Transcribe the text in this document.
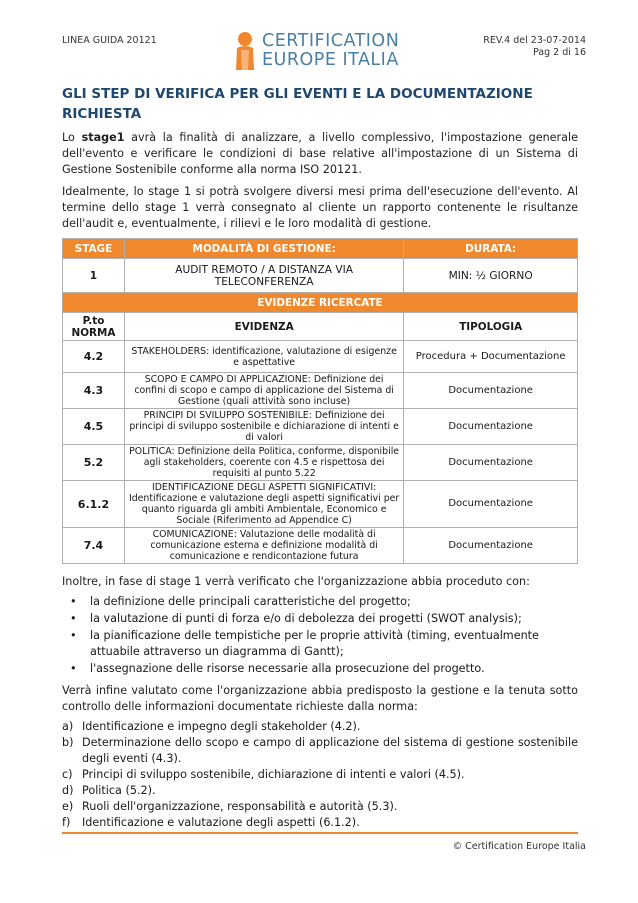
LINEA GUIDA 20121	CERTIFICATION
EUROPE ITALIA
REV.4 del 23-07-2014
Pag 2 di 16
GLI STEP DI VERIFICA PER GLI EVENTI E LA DOCUMENTAZIONE RICHIESTA

Lo stage1 avrà la finalità di analizzare, a livello complessivo, l'impostazione generale dell'evento e verificare le condizioni di base relative all'impostazione di un Sistema di Gestione Sostenibile conforme alla norma ISO 20121.

Idealmente, lo stage 1 si potrà svolgere diversi mesi prima dell'esecuzione dell'evento. Al termine dello stage 1 verrà consegnato al cliente un rapporto contenente le risultanze dell'audit e, eventualmente, i rilievi e le loro modalità di gestione.

STAGE	MODALITÀ DI GESTIONE:	DURATA:
1	AUDIT REMOTO / A DISTANZA VIA TELECONFERENZA	MIN: ½ GIORNO
EVIDENZE RICERCATE		
P.to NORMA	EVIDENZA	TIPOLOGIA
4.2	STAKEHOLDERS: identificazione, valutazione di esigenze e aspettative	Procedura + Documentazione
4.3	SCOPO E CAMPO DI APPLICAZIONE: Definizione dei confini di scopo e campo di applicazione del Sistema di Gestione (quali attività sono incluse)	Documentazione
4.5	PRINCIPI DI SVILUPPO SOSTENIBILE: Definizione dei principi di sviluppo sostenibile e dichiarazione di intenti e di valori	Documentazione
5.2	POLITICA: Definizione della Politica, conforme, disponibile agli stakeholders, coerente con 4.5 e rispettosa dei requisiti al punto 5.22	Documentazione
6.1.2	IDENTIFICAZIONE DEGLI ASPETTI SIGNIFICATIVI: Identificazione e valutazione degli aspetti significativi per quanto riguarda gli ambiti Ambientale, Economico e Sociale (Riferimento ad Appendice C)	Documentazione
7.4	COMUNICAZIONE: Valutazione delle modalità di comunicazione esterna e definizione modalità di comunicazione e rendicontazione futura	Documentazione

Inoltre, in fase di stage 1 verrà verificato che l'organizzazione abbia proceduto con:

• la definizione delle principali caratteristiche del progetto;
• la valutazione di punti di forza e/o di debolezza dei progetti (SWOT analysis);
• la pianificazione delle tempistiche per le proprie attività (timing, eventualmente attuabile attraverso un diagramma di Gantt);
• l'assegnazione delle risorse necessarie alla prosecuzione del progetto.

Verrà infine valutato come l'organizzazione abbia predisposto la gestione e la tenuta sotto controllo delle informazioni documentate richieste dalla norma:

a) Identificazione e impegno degli stakeholder (4.2).
b) Determinazione dello scopo e campo di applicazione del sistema di gestione sostenibile degli eventi (4.3).
c) Principi di sviluppo sostenibile, dichiarazione di intenti e valori (4.5).
d) Politica (5.2).
e) Ruoli dell'organizzazione, responsabilità e autorità (5.3).
f) Identificazione e valutazione degli aspetti (6.1.2).
© Certification Europe Italia
